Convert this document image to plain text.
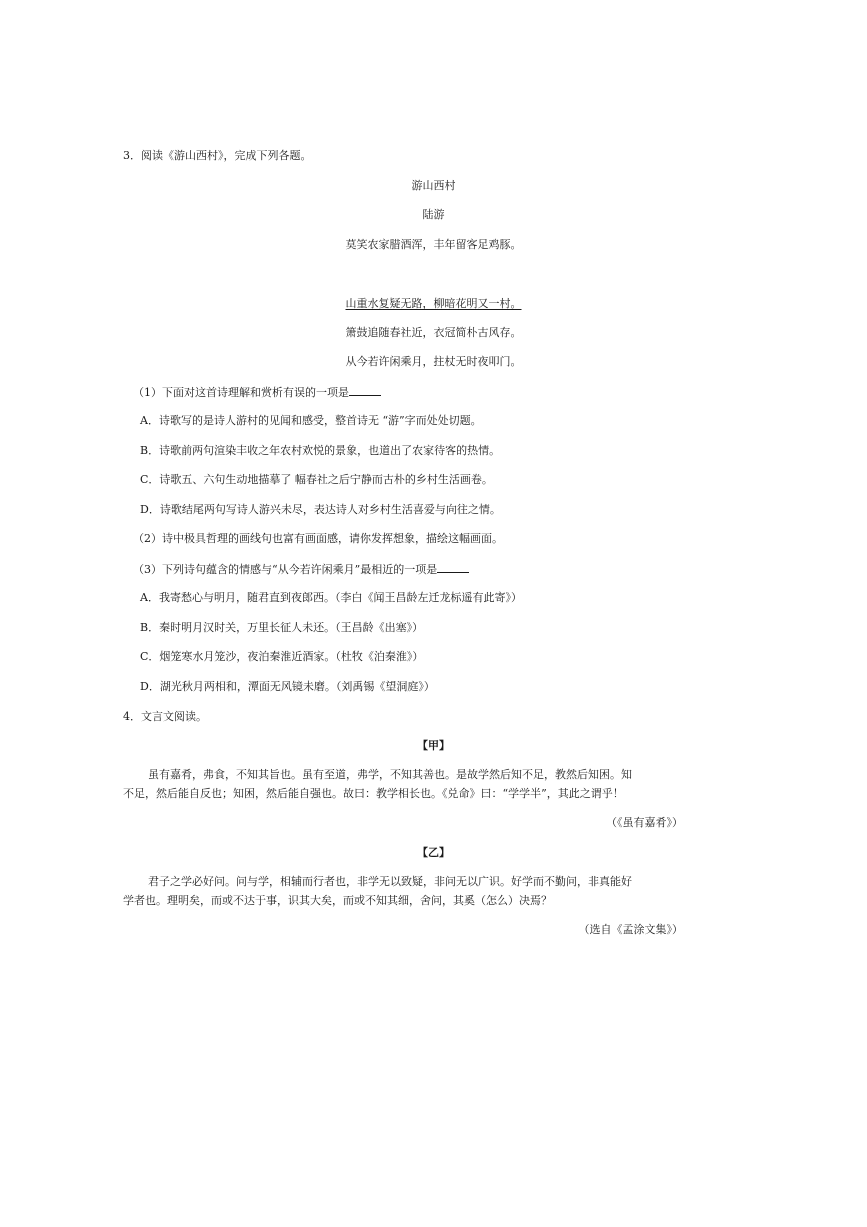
3．阅读《游山西村》，完成下列各题。
游山西村
陆游
莫笑农家腊酒浑，丰年留客足鸡豚。
山重水复疑无路，柳暗花明又一村。
箫鼓追随春社近，衣冠简朴古风存。
从今若许闲乘月，拄杖无时夜叩门。
（1）下面对这首诗理解和赏析有误的一项是
A．诗歌写的是诗人游村的见闻和感受，整首诗无 “游”字而处处切题。
B．诗歌前两句渲染丰收之年农村欢悦的景象，也道出了农家待客的热情。
C．诗歌五、六句生动地描摹了 幅春社之后宁静而古朴的乡村生活画卷。
D．诗歌结尾两句写诗人游兴未尽，表达诗人对乡村生活喜爱与向往之情。
（2）诗中极具哲理的画线句也富有画面感，请你发挥想象，描绘这幅画面。
（3）下列诗句蕴含的情感与“从今若许闲乘月”最相近的一项是
A．我寄愁心与明月，随君直到夜郎西。（李白《闻王昌龄左迁龙标遥有此寄》）
B．秦时明月汉时关，万里长征人未还。（王昌龄《出塞》）
C．烟笼寒水月笼沙，夜泊秦淮近酒家。（杜牧《泊秦淮》）
D．湖光秋月两相和，潭面无风镜未磨。（刘禹锡《望洞庭》）
4．文言文阅读。
【甲】
虽有嘉肴，弗食，不知其旨也。虽有至道，弗学，不知其善也。是故学然后知不足，教然后知困。知
不足，然后能自反也；知困，然后能自强也。故曰：教学相长也。《兑命》曰：“学学半”，其此之谓乎！
（《虽有嘉肴》）
【乙】
君子之学必好问。问与学，相辅而行者也，非学无以致疑，非问无以广识。好学而不勤问，非真能好
学者也。理明矣，而或不达于事，识其大矣，而或不知其细，舍问，其奚（怎么）决焉？
（选自《孟涂文集》）
